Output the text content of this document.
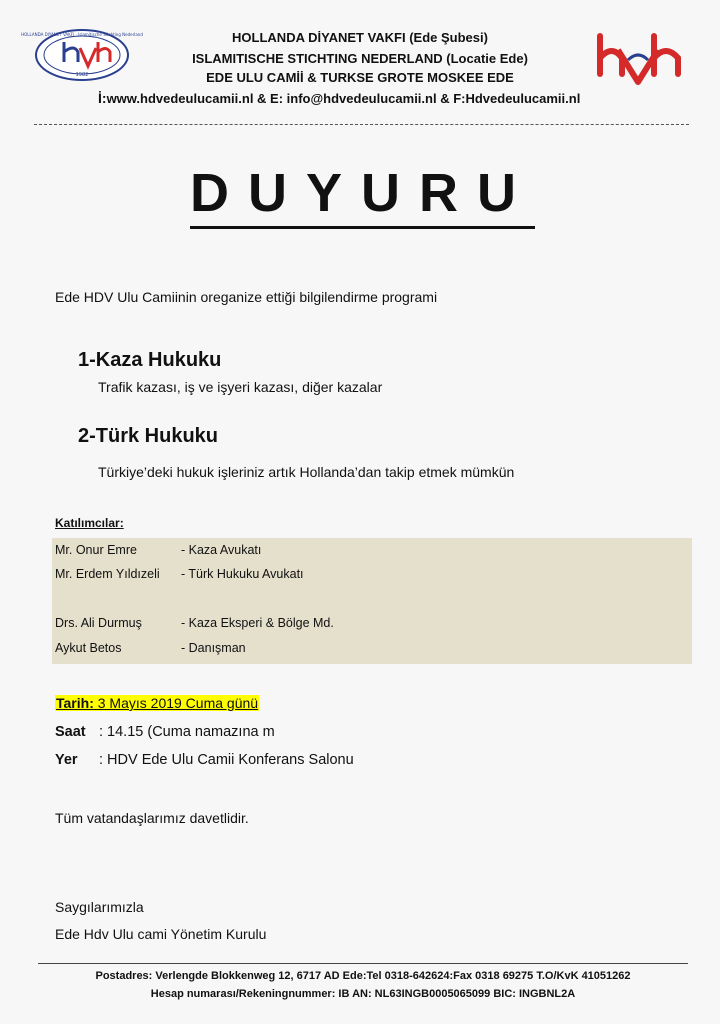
1982
HOLLANDA DIYANET VAKFI · Islamitische Stichting Nederland	HOLLANDA DİYANET VAKFI (Ede Şubesi)
ISLAMITISCHE STICHTING NEDERLAND (Locatie Ede)
EDE ULU CAMİİ & TURKSE GROTE MOSKEE EDE
İ:www.hdvedeulucamii.nl & E: info@hdvedeulucamii.nl & F:Hdvedeulucamii.nl
DUYURU
Ede HDV Ulu Camiinin oreganize ettiği bilgilendirme programi
1-Kaza Hukuku
Trafik kazası, iş ve işyeri kazası, diğer kazalar
2-Türk Hukuku
Türkiye’deki hukuk işleriniz artık Hollanda’dan takip etmek mümkün
Katılımcılar:
Mr. Onur Emre	- Kaza Avukatı
Mr. Erdem Yıldızeli - Türk Hukuku Avukatı
Drs. Ali Durmuş	- Kaza Eksperi & Bölge Md.
Aykut Betos	- Danışman
Tarih: 3 Mayıs 2019 Cuma günü
Saat : 14.15 (Cuma namazına m
Yer : HDV Ede Ulu Camii Konferans Salonu
Tüm vatandaşlarımız davetlidir.
Saygılarımızla
Ede Hdv Ulu cami Yönetim Kurulu
Postadres: Verlengde Blokkenweg 12, 6717 AD Ede:Tel 0318-642624:Fax 0318 69275 T.O/KvK 41051262
Hesap numarası/Rekeningnummer: IB AN: NL63INGB0005065099 BIC: INGBNL2A
